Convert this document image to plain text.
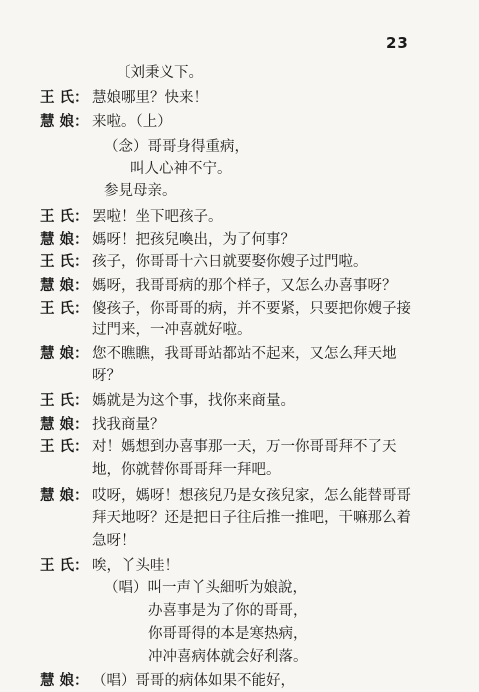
23
〔刘秉义下。
王 氏： 慧娘哪里？快来！
慧 娘： 来啦。（上）
（念）哥哥身得重病，
叫人心神不宁。
参見母亲。
王 氏： 罢啦！坐下吧孩子。
慧 娘： 媽呀！把孩兒喚出，为了何事？
王 氏： 孩子，你哥哥十六日就要娶你嫂子过門啦。
慧 娘： 媽呀，我哥哥病的那个样子，又怎么办喜事呀？
王 氏： 傻孩子，你哥哥的病，并不要紧，只要把你嫂子接
过門来，一冲喜就好啦。
慧 娘： 您不瞧瞧，我哥哥站都站不起来，又怎么拜天地
呀？
王 氏： 媽就是为这个事，找你来商量。
慧 娘： 找我商量？
王 氏： 对！媽想到办喜事那一天，万一你哥哥拜不了天
地，你就替你哥哥拜一拜吧。
慧 娘： 哎呀，媽呀！想孩兒乃是女孩兒家，怎么能替哥哥
拜天地呀？还是把日子往后推一推吧，干嘛那么着
急呀！
王 氏： 唉，丫头哇！
（唱）叫一声丫头細听为娘說，
办喜事是为了你的哥哥，
你哥哥得的本是寒热病，
冲冲喜病体就会好利落。
慧 娘： （唱）哥哥的病体如果不能好，
